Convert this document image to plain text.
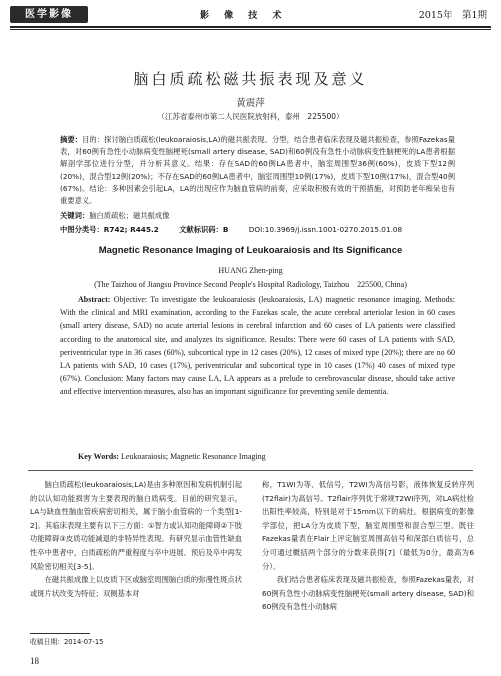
医学影像	影 像 技 术	2015年　第1期
脑白质疏松磁共振表现及意义
黄震萍
（江苏省泰州市第二人民医院放射科，泰州　225500）
摘要：目的：探讨脑白质疏松(leukoaraiosis,LA)的磁共振表现、分型，结合患者临床表现及磁共振检查，参照Fazekas量表，对60例有急性小动脉病变性脑梗死(small artery disease, SAD)和60例没有急性小动脉病变性脑梗死的LA患者根据解剖学部位进行分型，并分析其意义。结果：存在SAD的60例LA患者中，脑室周围型36例(60%)，皮质下型12例(20%)，混合型12例(20%)；不存在SAD的60例LA患者中，脑室周围型10例(17%)，皮质下型10例(17%)，混合型40例(67%)。结论：多种因素会引起LA，LA的出现应作为脑血管病的前奏，应采取积极有效的干预措施，对预防老年痴呆也有重要意义。
关键词：脑白质疏松；磁共振成像
中图分类号：R742; R445.2	文献标识码：B	DOI:10.3969/j.issn.1001-0270.2015.01.08
Magnetic Resonance Imaging of Leukoaraiosis and Its Significance
HUANG Zhen-ping
(The Taizhou of Jiangsu Province Second People's Hospital Radiology, Taizhou　225500, China)

Abstract: Objective: To investigate the leukoaraiosis (leukoaraiosis, LA) magnetic resonance imaging. Methods: With the clinical and MRI examination, according to the Fazekas scale, the acute cerebral arteriolar lesion in 60 cases (small artery disease, SAD) no acute arterial lesions in cerebral infarction and 60 cases of LA patients were classified according to the anatomical site, and analyzes its significance. Results: There were 60 cases of LA patients with SAD, periventricular type in 36 cases (60%), subcortical type in 12 cases (20%), 12 cases of mixed type (20%); there are no 60 LA patients with SAD, 10 cases (17%), periventricular and subcortical type in 10 cases (17%) 40 cases of mixed type (67%). Conclusion: Many factors may cause LA, LA appears as a prelude to cerebrovascular disease, should take active and effective intervention measures, also has an important significance for preventing senile dementia.

Key Words: Leukoaraiosis; Magnetic Resonance Imaging

脑白质疏松(leukoaraiosis,LA)是由多种原因和发病机制引起的以认知功能损害为主要表现的脑白质病变。目前的研究显示，LA与缺血性脑血管疾病密切相关，属于脑小血管病的一个类型[1-2]。其临床表现主要有以下三方面：①智力或认知功能障碍②下肢功能障碍③皮质功能减退的非特异性表现。有研究显示血管性缺血性卒中患者中，白质疏松的严重程度与卒中进展、预后及卒中再发风险密切相关[3-5]。

在磁共振成像上以皮质下区或脑室周围脑白质的弥漫性斑点状或斑片状改变为特征；双侧基本对

称，T1WI为等、低信号，T2WI为高信号影，液体恢复反转序列(T2flair)为高信号。T2flair序列优于常规T2WI序列，对LA病灶检出阳性率较高，特别是对于15mm以下的病灶。根据病变的影像学部位，把LA分为皮质下型，脑室周围型和混合型三型。既往Fazekas量表在Flair上评定脑室周围高信号和深部白质信号，总分可通过概括两个部分的分数来获得[7]（最低为0分，最高为6分）。

我们结合患者临床表现及磁共振检查，参照Fazekas量表，对60例有急性小动脉病变性脑梗死(small artery disease, SAD)和60例没有急性小动脉病

收稿日期：2014-07-15
18
